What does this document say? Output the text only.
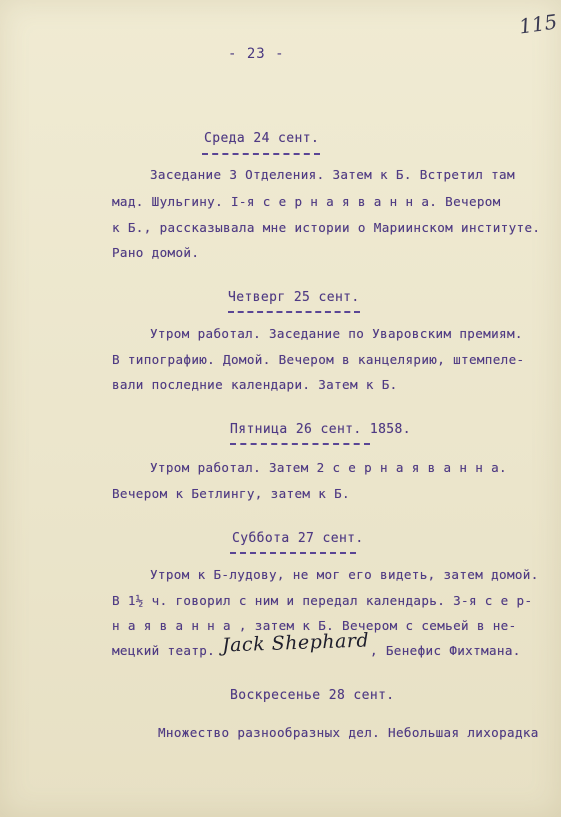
115
- 23 -
Среда 24 сент.
Заседание 3 Отделения. Затем к Б. Встретил там
мад. Шульгину. I-я с е р н а я в а н н а. Вечером
к Б., рассказывала мне истории о Мариинском институте.
Рано домой.
Четверг 25 сент.
Утром работал. Заседание по Уваровским премиям.
В типографию. Домой. Вечером в канцелярию, штемпеле-
вали последние календари. Затем к Б.
Пятница 26 сент. 1858.
Утром работал. Затем 2 с е р н а я в а н н а.
Вечером к Бетлингу, затем к Б.
Суббота 27 сент.
Утром к Б-лудову, не мог его видеть, затем домой.
В 1½ ч. говорил с ним и передал календарь. 3-я с е р-
н а я в а н н а , затем к Б. Вечером с семьей в не-
мецкий театр. Jack Shephard , Бенефис Фихтмана.
Воскресенье 28 сент.
Множество разнообразных дел. Небольшая лихорадка
